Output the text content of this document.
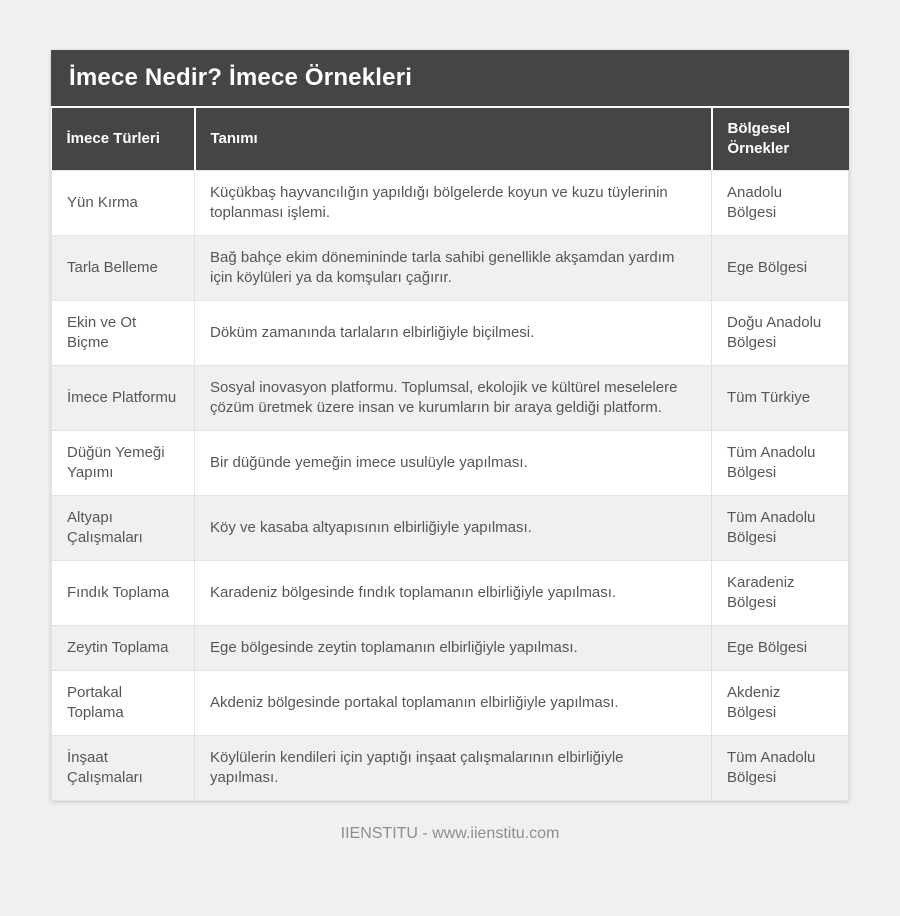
İmece Nedir? İmece Örnekleri
İmece Türleri	Tanımı	Bölgesel Örnekler
Yün Kırma	Küçükbaş hayvancılığın yapıldığı bölgelerde koyun ve kuzu tüylerinin toplanması işlemi.	Anadolu Bölgesi
Tarla Belleme	Bağ bahçe ekim dönemininde tarla sahibi genellikle akşamdan yardım için köylüleri ya da komşuları çağırır.	Ege Bölgesi
Ekin ve Ot Biçme	Döküm zamanında tarlaların elbirliğiyle biçilmesi.	Doğu Anadolu Bölgesi
İmece Platformu	Sosyal inovasyon platformu. Toplumsal, ekolojik ve kültürel meselelere çözüm üretmek üzere insan ve kurumların bir araya geldiği platform.	Tüm Türkiye
Düğün Yemeği Yapımı	Bir düğünde yemeğin imece usulüyle yapılması.	Tüm Anadolu Bölgesi
Altyapı Çalışmaları	Köy ve kasaba altyapısının elbirliğiyle yapılması.	Tüm Anadolu Bölgesi
Fındık Toplama	Karadeniz bölgesinde fındık toplamanın elbirliğiyle yapılması.	Karadeniz Bölgesi
Zeytin Toplama	Ege bölgesinde zeytin toplamanın elbirliğiyle yapılması.	Ege Bölgesi
Portakal Toplama	Akdeniz bölgesinde portakal toplamanın elbirliğiyle yapılması.	Akdeniz Bölgesi
İnşaat Çalışmaları	Köylülerin kendileri için yaptığı inşaat çalışmalarının elbirliğiyle yapılması.	Tüm Anadolu Bölgesi
IIENSTITU - www.iienstitu.com
